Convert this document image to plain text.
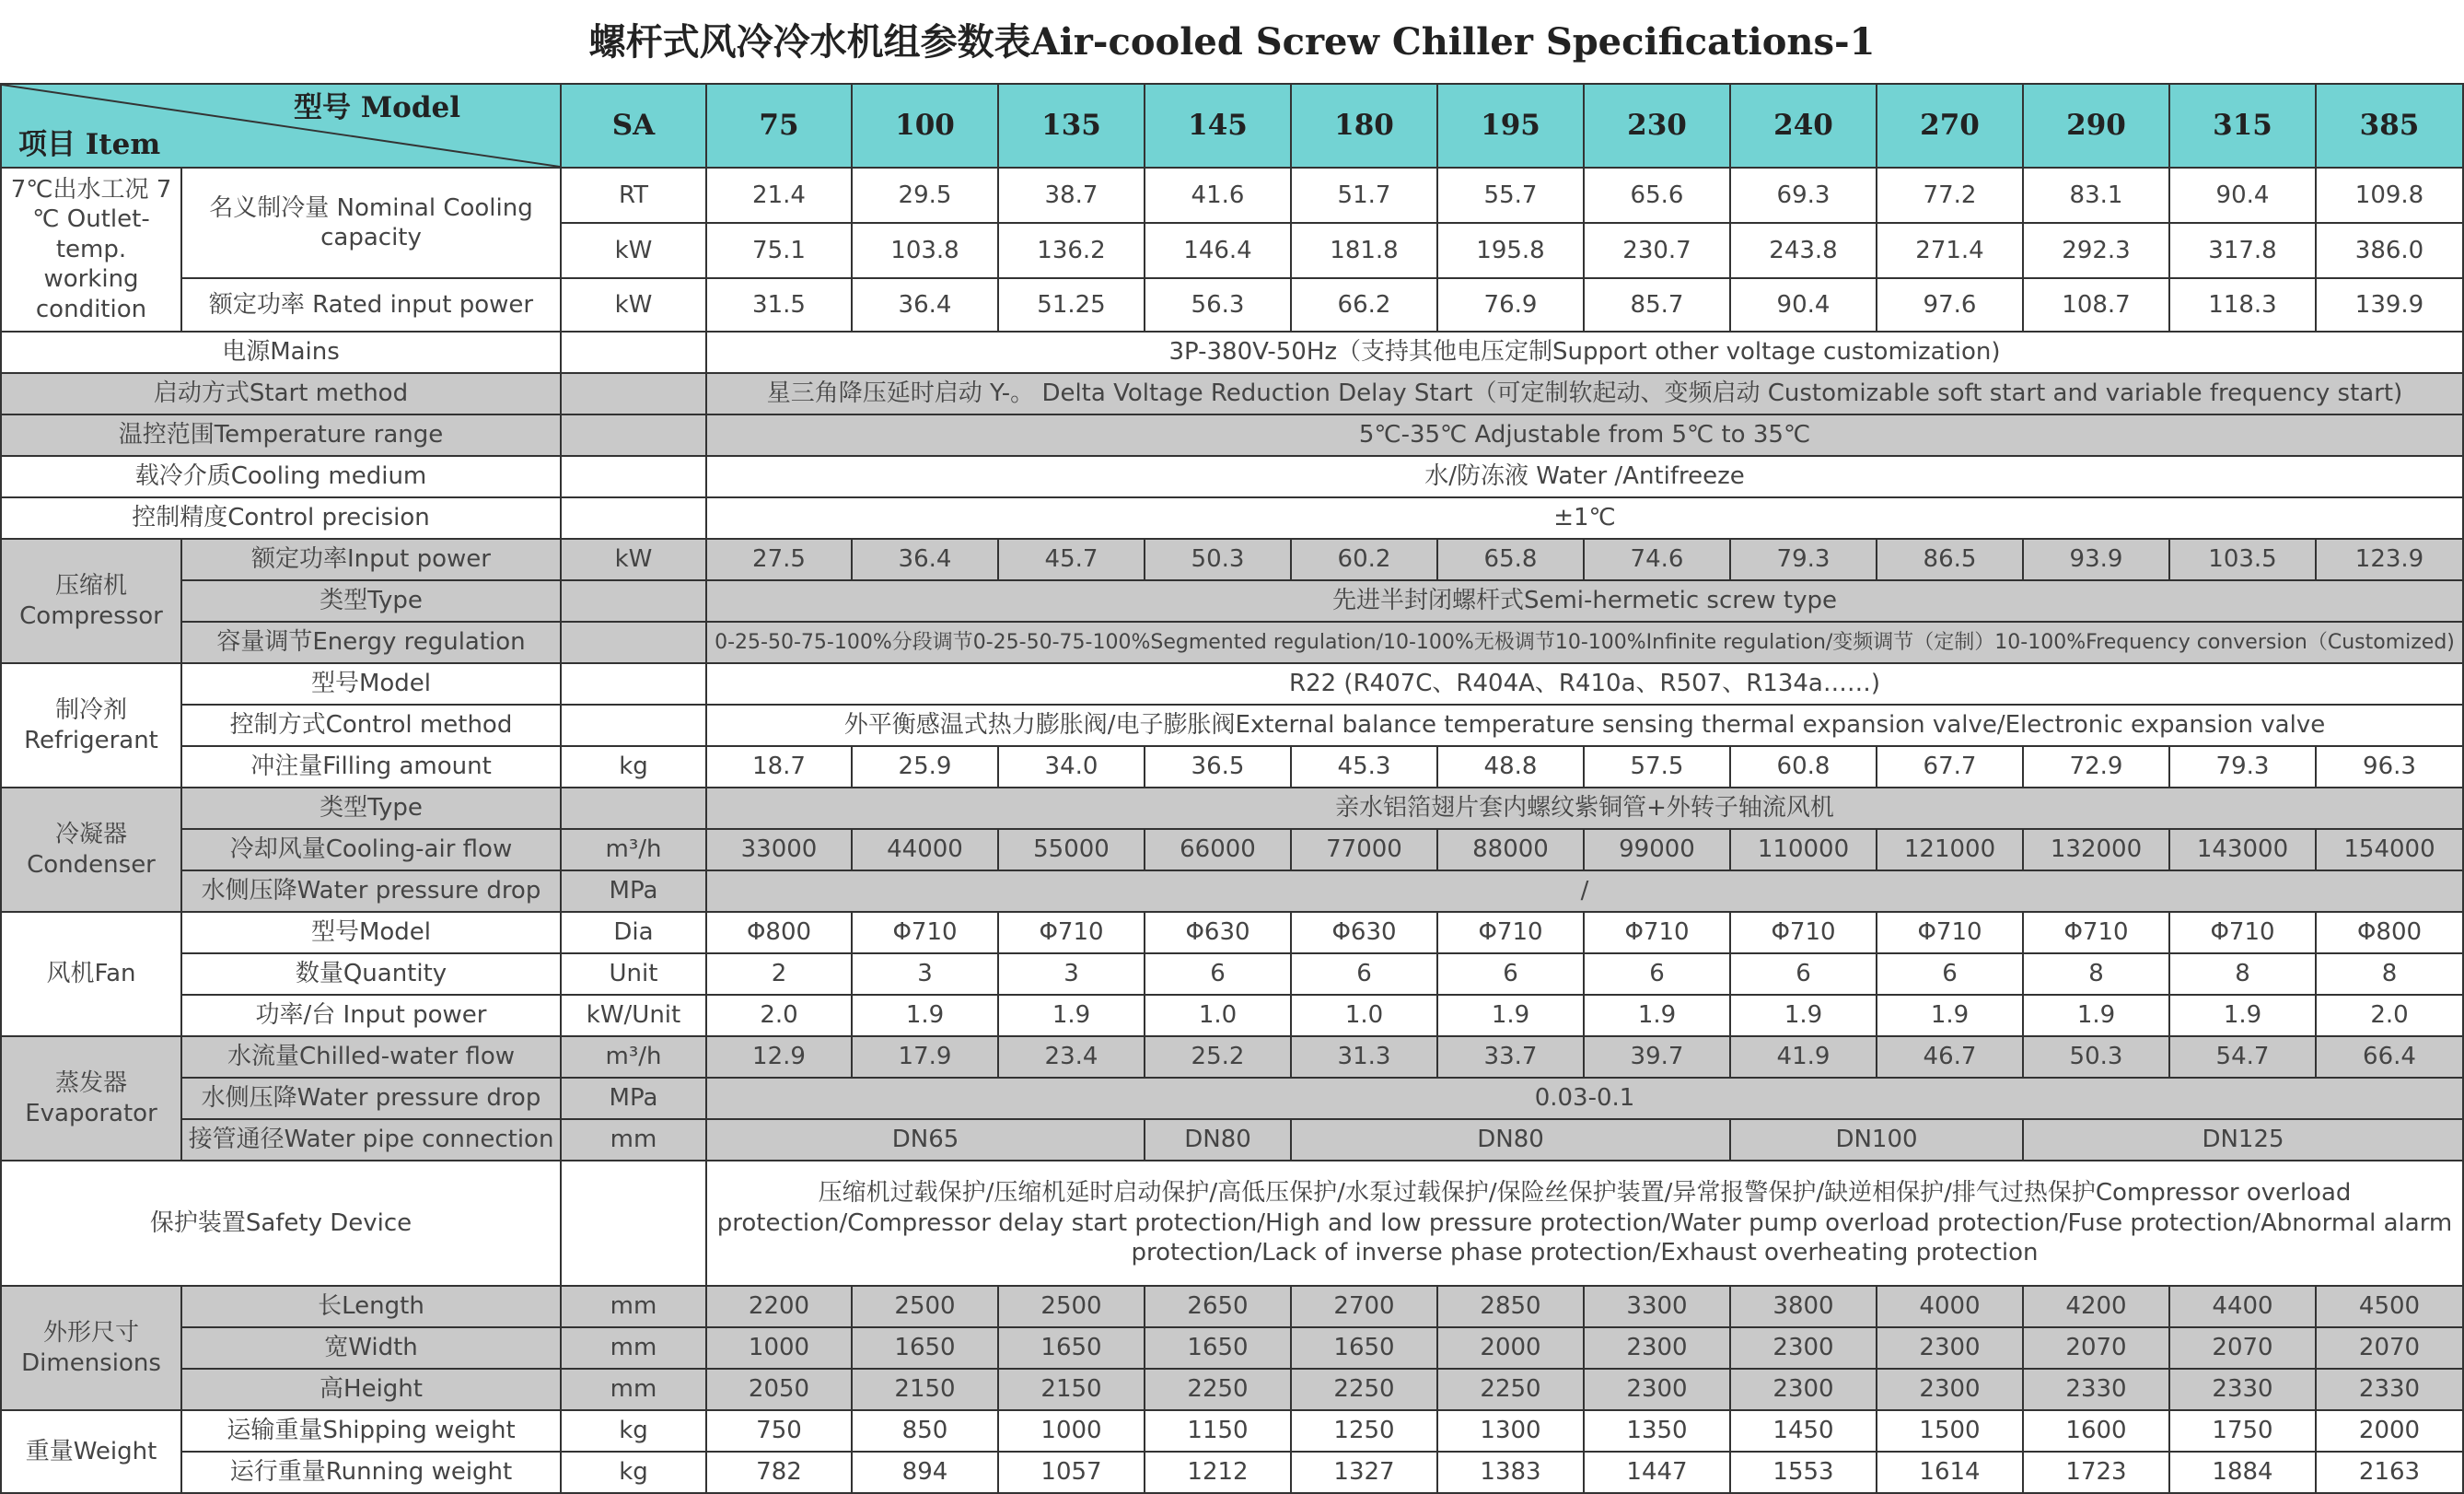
螺杆式风冷冷水机组参数表Air-cooled Screw Chiller Specifications-1
型号 Model
项目 Item		SA	75	100	135	145	180	195	230	240	270	290	315	385
7℃出水工况 7 ℃ Outlet-temp. working condition	名义制冷量 Nominal Cooling capacity	RT	21.4	29.5	38.7	41.6	51.7	55.7	65.6	69.3	77.2	83.1	90.4	109.8
		kW	75.1	103.8	136.2	146.4	181.8	195.8	230.7	243.8	271.4	292.3	317.8	386.0
	额定功率 Rated input power	kW	31.5	36.4	51.25	56.3	66.2	76.9	85.7	90.4	97.6	108.7	118.3	139.9
电源Mains			3P-380V-50Hz（支持其他电压定制Support other voltage customization)											
启动方式Start method			星三角降压延时启动 Y-。 Delta Voltage Reduction Delay Start（可定制软起动、变频启动 Customizable soft start and variable frequency start)											
温控范围Temperature range			5℃-35℃ Adjustable from 5℃ to 35℃											
载冷介质Cooling medium			水/防冻液 Water /Antifreeze											
控制精度Control precision			±1℃											
压缩机 Compressor	额定功率Input power	kW	27.5	36.4	45.7	50.3	60.2	65.8	74.6	79.3	86.5	93.9	103.5	123.9
	类型Type		先进半封闭螺杆式Semi-hermetic screw type											
	容量调节Energy regulation		0-25-50-75-100%分段调节0-25-50-75-100%Segmented regulation/10-100%无极调节10-100%Infinite regulation/变频调节（定制）10-100%Frequency conversion（Customized)											
制冷剂 Refrigerant	型号Model		R22 (R407C、R404A、R410a、R507、R134a……)											
	控制方式Control method		外平衡感温式热力膨胀阀/电子膨胀阀External balance temperature sensing thermal expansion valve/Electronic expansion valve											
	冲注量Filling amount	kg	18.7	25.9	34.0	36.5	45.3	48.8	57.5	60.8	67.7	72.9	79.3	96.3
冷凝器 Condenser	类型Type		亲水铝箔翅片套内螺纹紫铜管+外转子轴流风机											
	冷却风量Cooling-air flow	m³/h	33000	44000	55000	66000	77000	88000	99000	110000	121000	132000	143000	154000
	水侧压降Water pressure drop	MPa	/											
风机Fan	型号Model	Dia	Φ800	Φ710	Φ710	Φ630	Φ630	Φ710	Φ710	Φ710	Φ710	Φ710	Φ710	Φ800
	数量Quantity	Unit	2	3	3	6	6	6	6	6	6	8	8	8
	功率/台 Input power	kW/Unit	2.0	1.9	1.9	1.0	1.0	1.9	1.9	1.9	1.9	1.9	1.9	2.0
蒸发器 Evaporator	水流量Chilled-water flow	m³/h	12.9	17.9	23.4	25.2	31.3	33.7	39.7	41.9	46.7	50.3	54.7	66.4
	水侧压降Water pressure drop	MPa	0.03-0.1											
	接管通径Water pipe connection	mm	DN65			DN80	DN80			DN100		DN125		
保护装置Safety Device			压缩机过载保护/压缩机延时启动保护/高低压保护/水泵过载保护/保险丝保护装置/异常报警保护/缺逆相保护/排气过热保护Compressor overload protection/Compressor delay start protection/High and low pressure protection/Water pump overload protection/Fuse protection/Abnormal alarm protection/Lack of inverse phase protection/Exhaust overheating protection											
外形尺寸 Dimensions	长Length	mm	2200	2500	2500	2650	2700	2850	3300	3800	4000	4200	4400	4500
	宽Width	mm	1000	1650	1650	1650	1650	2000	2300	2300	2300	2070	2070	2070
	高Height	mm	2050	2150	2150	2250	2250	2250	2300	2300	2300	2330	2330	2330
重量Weight	运输重量Shipping weight	kg	750	850	1000	1150	1250	1300	1350	1450	1500	1600	1750	2000
	运行重量Running weight	kg	782	894	1057	1212	1327	1383	1447	1553	1614	1723	1884	2163
